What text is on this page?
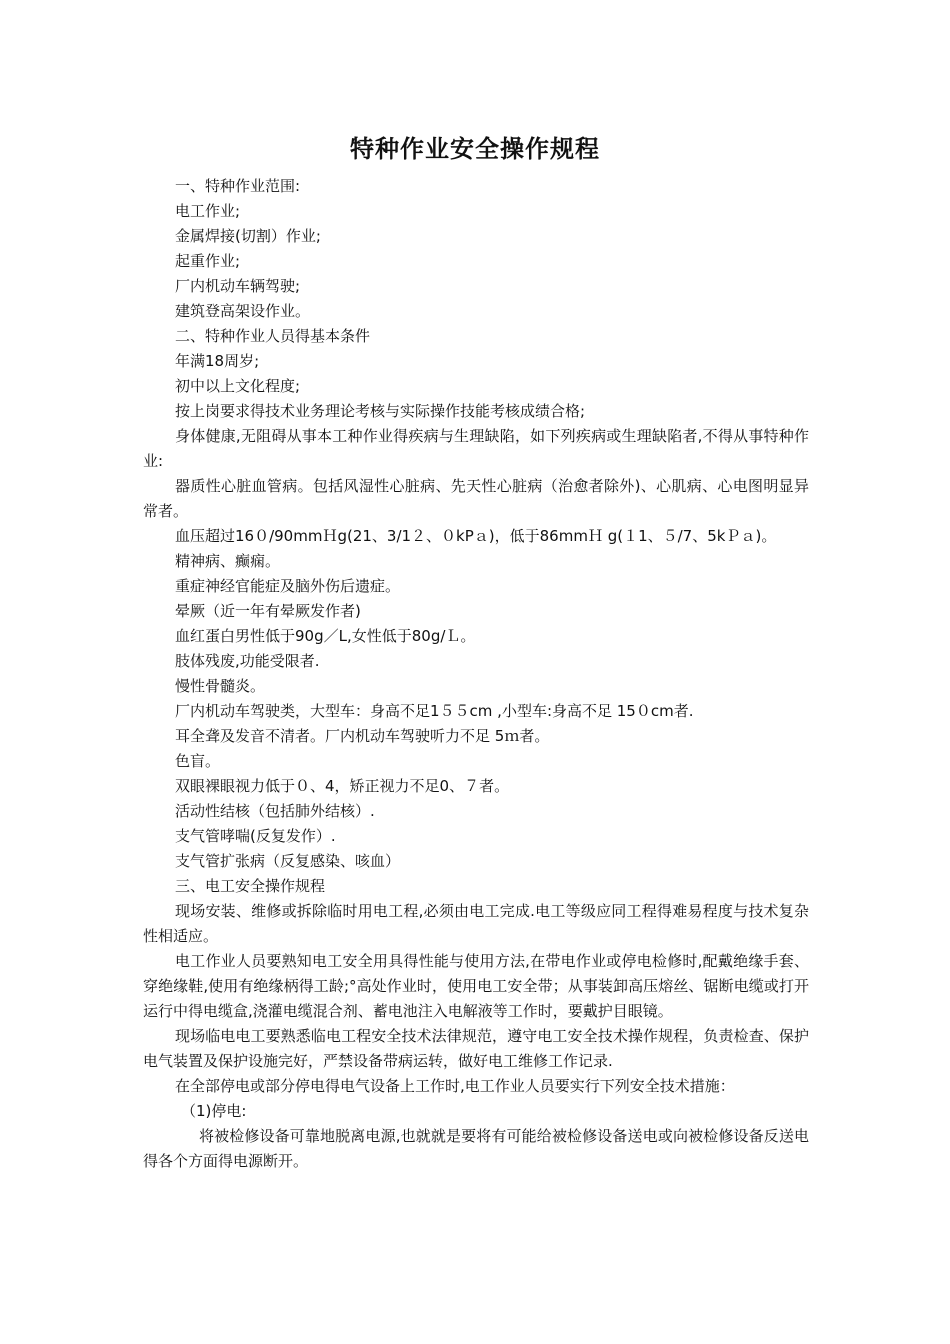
特种作业安全操作规程

一、特种作业范围:

电工作业;

金属焊接(切割）作业;

起重作业;

厂内机动车辆驾驶;

建筑登高架设作业。

二、特种作业人员得基本条件

年满18周岁;

初中以上文化程度;

按上岗要求得技术业务理论考核与实际操作技能考核成绩合格;

身体健康,无阻碍从事本工种作业得疾病与生理缺陷，如下列疾病或生理缺陷者,不得从事特种作业:

器质性心脏血管病。包括风湿性心脏病、先天性心脏病（治愈者除外)、心肌病、心电图明显异常者。

血压超过16０/90mmＨg(21、3/1２、０kPａ)，低于86mmＨ g(１1、５/7、5kＰａ)。

精神病、癫痫。

重症神经官能症及脑外伤后遗症。

晕厥（近一年有晕厥发作者)

血红蛋白男性低于90g／L,女性低于80g/Ｌ。

肢体残废,功能受限者.

慢性骨髓炎。

厂内机动车驾驶类，大型车：身高不足1５５cm ,小型车:身高不足 15０cm者.

耳全聋及发音不清者。厂内机动车驾驶听力不足 5ｍ者。

色盲。

双眼裸眼视力低于０、4，矫正视力不足0、７者。

活动性结核（包括肺外结核）.

支气管哮喘(反复发作）.

支气管扩张病（反复感染、咳血）

三、电工安全操作规程

现场安装、维修或拆除临时用电工程,必须由电工完成.电工等级应同工程得难易程度与技术复杂性相适应。

电工作业人员要熟知电工安全用具得性能与使用方法,在带电作业或停电检修时,配戴绝缘手套、穿绝缘鞋,使用有绝缘柄得工龄;°高处作业时，使用电工安全带；从事装卸高压熔丝、锯断电缆或打开运行中得电缆盒,浇灌电缆混合剂、蓄电池注入电解液等工作时，要戴护目眼镜。

现场临电电工要熟悉临电工程安全技术法律规范，遵守电工安全技术操作规程，负责检查、保护电气装置及保护设施完好，严禁设备带病运转，做好电工维修工作记录.

在全部停电或部分停电得电气设备上工作时,电工作业人员要实行下列安全技术措施：

（1)停电:

将被检修设备可靠地脱离电源,也就就是要将有可能给被检修设备送电或向被检修设备反送电得各个方面得电源断开。
